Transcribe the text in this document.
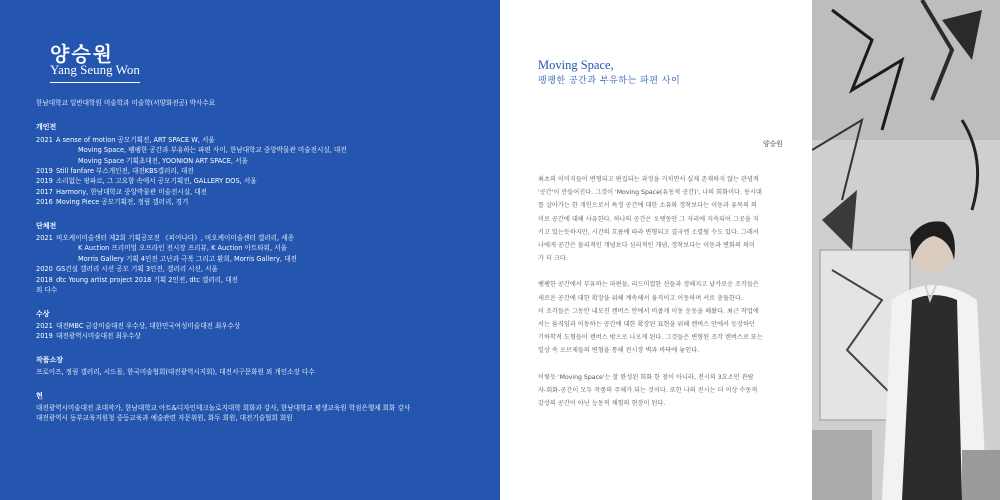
양승원
Yang Seung Won
한남대학교 일반대학원 미술학과 미술학(서양화전공) 박사수료
개인전
2021 A sense of motion 공모기획전, ART SPACE W, 서울
Moving Space, 팽팽한 공간과 부유하는 파편 사이, 한남대학교 중앙박물관 미술전시실, 대전
Moving Space 기획초대전, YOONION ART SPACE, 서울
2019 Still fanfare 부스개인전, 대전KBS갤러리, 대전
2019 소리없는 팡파르, 그 고요함 속에서 공모기획전, GALLERY DOS, 서울
2017 Harmony, 한남대학교 중앙박물관 미술전시실, 대전
2016 Moving Piece 공모기획전, 정림 갤러리, 경기
단체전
2021 비오케이미술센터 제2회 기획공모전 《피어나다》, 비오케이미술센터 갤러리, 세종
K Auction 프리미엄 오프라인 전시장 프리뷰, K Auction 아트타워, 서울
Morris Gallery 기획 4인전 고난과 극복 그리고 환희, Morris Gallery, 대전
2020 GS건설 갤러리 시선 공모 기획 3인전, 갤러리 시선, 서울
2018 dtc Young artist project 2018 기획 2인전, dtc 갤러리, 대전
외 다수
수상
2021 대전MBC 금강미술대전 우수상, 대한민국여성미술대전 최우수상
2019 대전광역시미술대전 최우수상
작품소장
프로이즈, 정림 갤러리, 시드몰, 한국미술협회(대전광역시지회), 대전서구문화원 외 개인소장 다수
현
대전광역시미술대전 초대작가, 한남대학교 아트&디자인테크놀로지대학 회화과 강사, 한남대학교 평생교육원 학점은행제 회화 강사
대전광역시 동부교육지원청 중등교육과 예술관련 자문위원, 화두 회원, 대전기술협회 회원
Moving Space,
팽팽한 공간과 부유하는 파편 사이
양승원
최초의 이미지들이 변형되고 편집되는 과정을 거치면서 실제 존재하지 않는 관념적
'공간'이 만들어진다. 그것이 'Moving Space(유동적 공간)', 나의 회화이다. 동시대
를 살아가는 한 개인으로서 특정 공간에 대한 소유와 정착보다는 이동과 유목의 의
미로 공간에 대해 사유한다. 하나의 공간은 오랫동안 그 자리에 지속되어 그곳을 지
키고 있는듯하지만, 시간의 흐름에 따라 변형되고 결국엔 소멸될 수도 있다. 그래서
나에게 공간은 물리적인 개념보다 심리적인 개념, 정착보다는 이동과 변화의 의미
가 더 크다.
팽팽한 공간에서 부유하는 파편들, 리드미컬한 선들과 정해지고 날카로운 조각들은
새로운 공간에 대한 확장을 위해 계속해서 움직이고 이동하며 서로 충돌한다.
이 조각들은 그동안 내모진 캔버스 안에서 비좁게 이동 운동을 해왔다. 최근 작업에
서는 움직임과 이동하는 공간에 대한 확장된 표현을 위해 캔버스 안에서 등장하던
기하학적 도형들이 캔버스 밖으로 나오게 된다. 그것들은 변형된 조각 캔버스로 또는
일상 속 오브제들의 변형을 통해 전시장 벽과 바닥에 놓인다.
이렇듯 'Moving Space'는 잘 완성된 회화 한 점이 아니라, 전시의 3요소인 관람
자-회화-공간이 모두 작품의 주체가 되는 것이다. 또한 나의 전시는 더 이상 수동적
감상의 공간이 아닌 능동적 체험의 현장이 된다.
